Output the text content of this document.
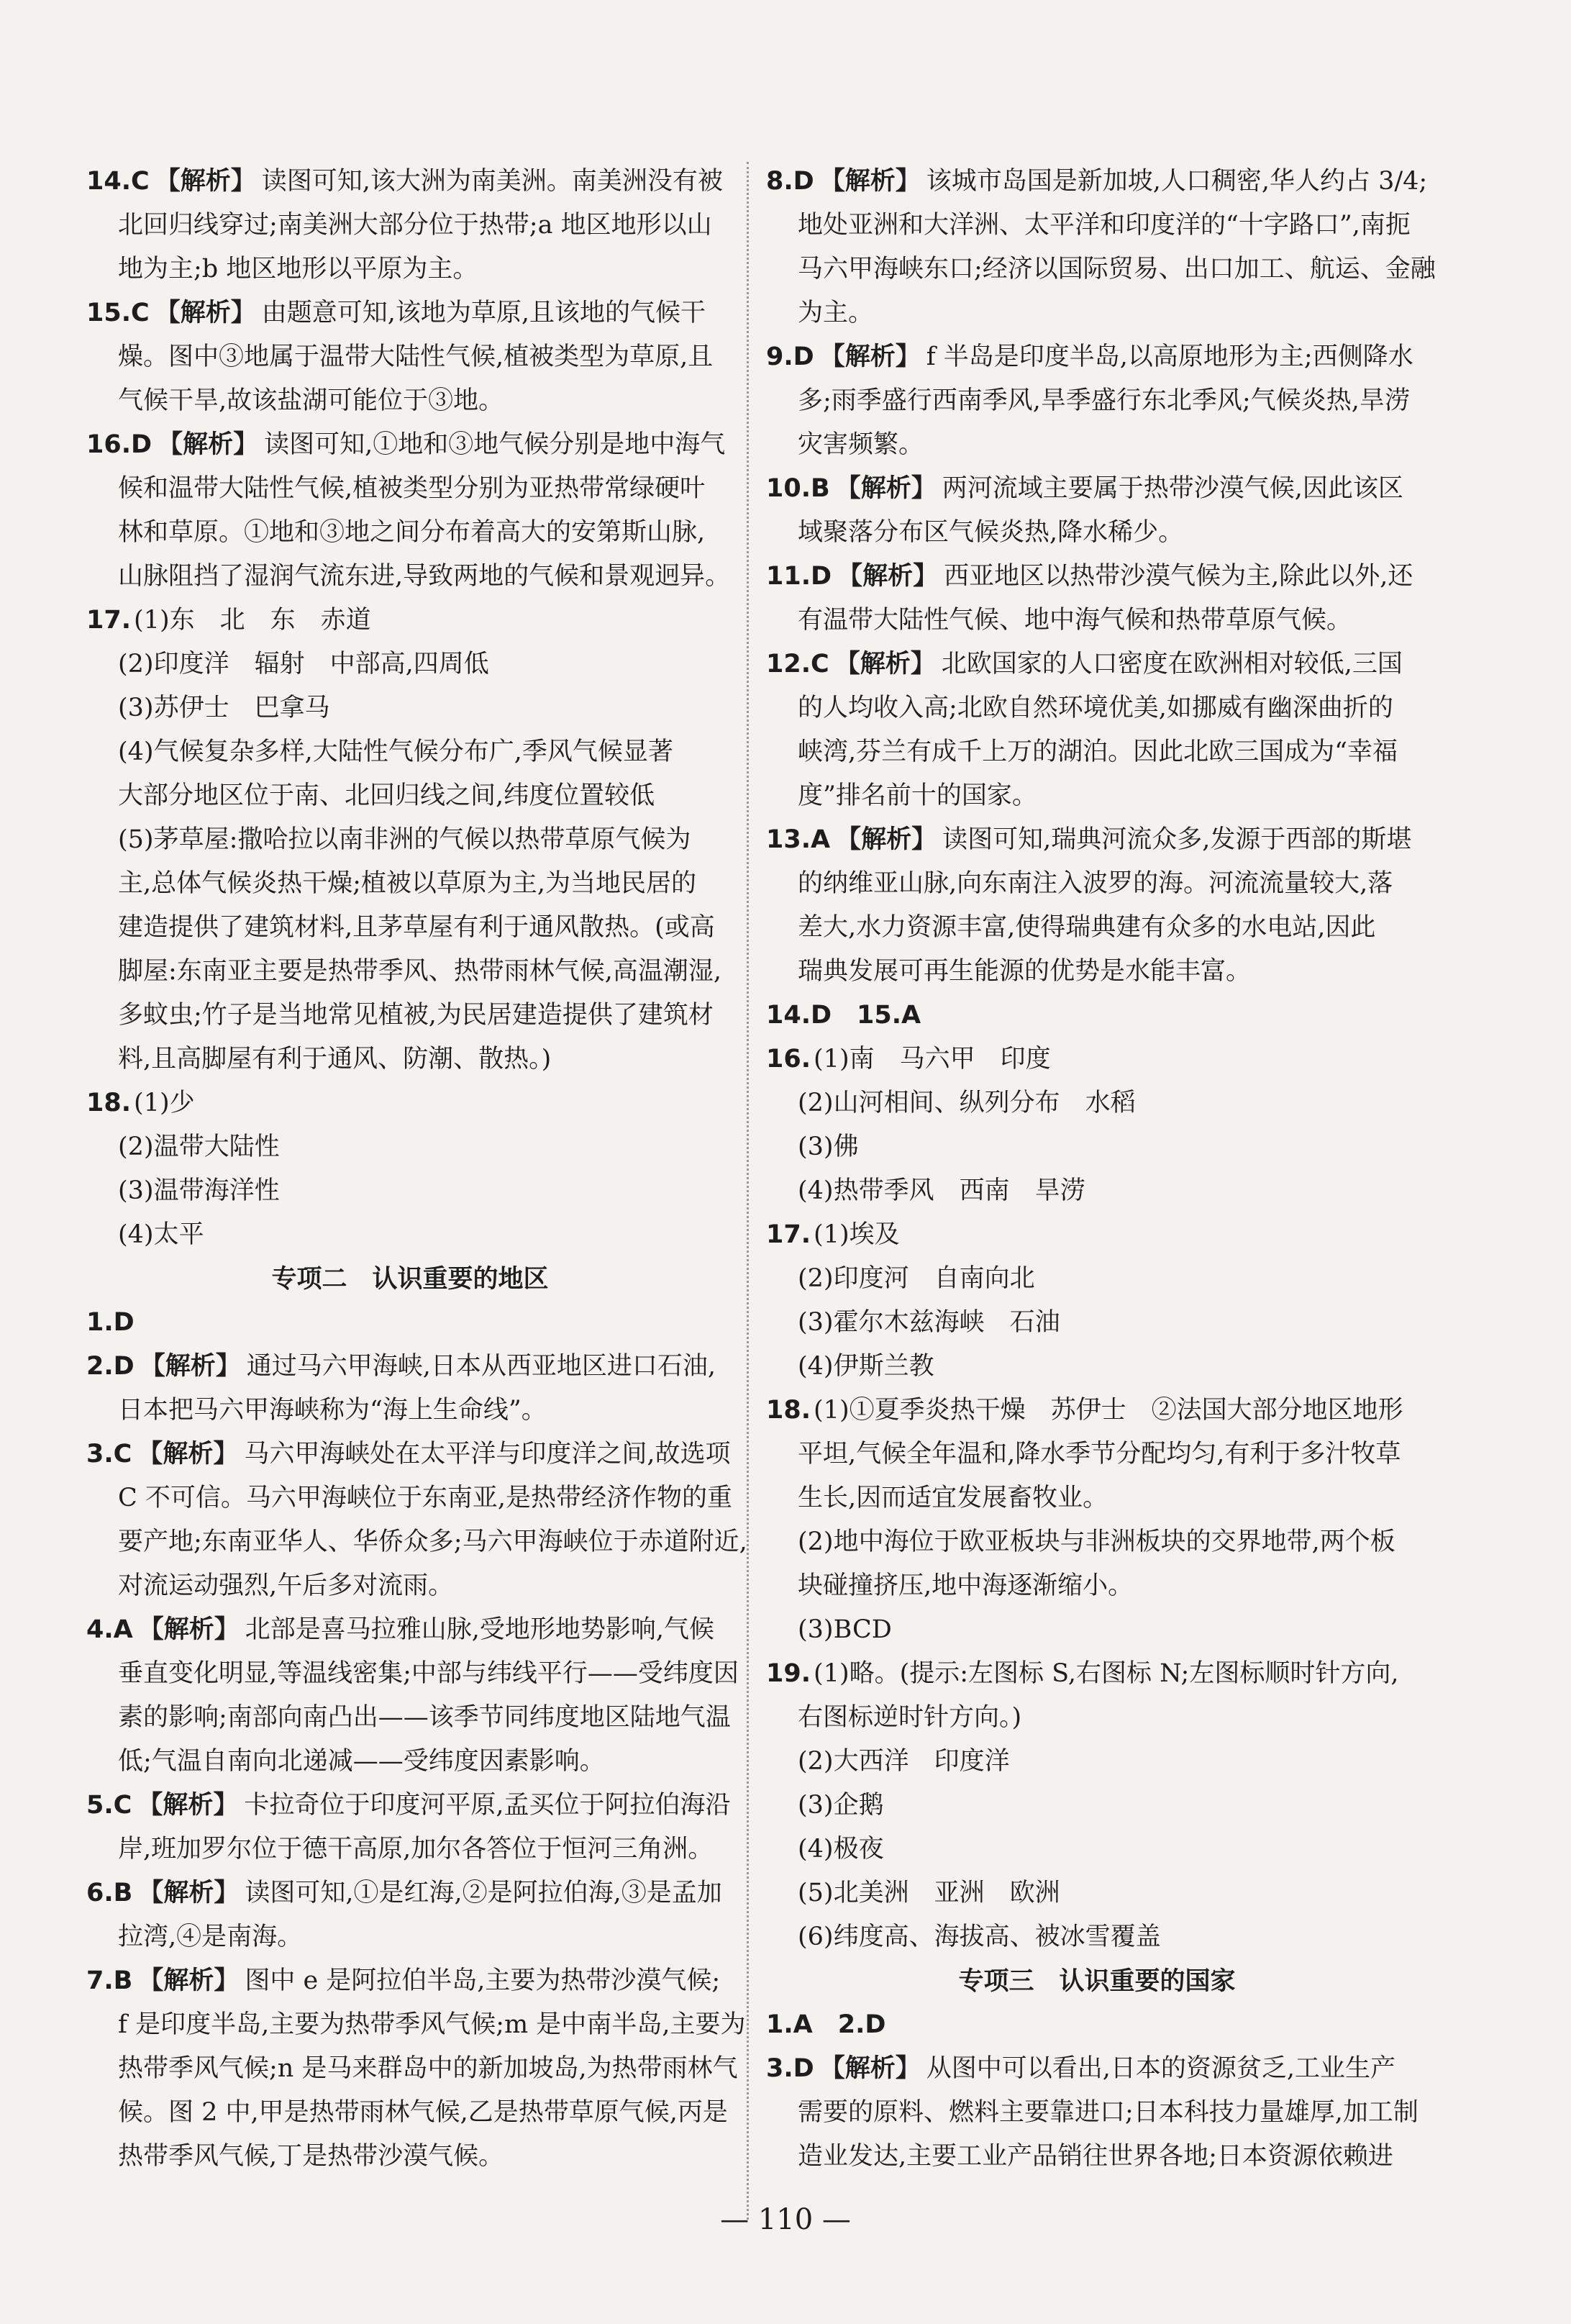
14.C 【解析】 读图可知,该大洲为南美洲。南美洲没有被

北回归线穿过;南美洲大部分位于热带;a 地区地形以山

地为主;b 地区地形以平原为主。

15.C 【解析】 由题意可知,该地为草原,且该地的气候干

燥。图中③地属于温带大陆性气候,植被类型为草原,且

气候干旱,故该盐湖可能位于③地。

16.D 【解析】 读图可知,①地和③地气候分别是地中海气

候和温带大陆性气候,植被类型分别为亚热带常绿硬叶

林和草原。①地和③地之间分布着高大的安第斯山脉,

山脉阻挡了湿润气流东进,导致两地的气候和景观迥异。

17. (1)东　北　东　赤道

(2)印度洋　辐射　中部高,四周低

(3)苏伊士　巴拿马

(4)气候复杂多样,大陆性气候分布广,季风气候显著

大部分地区位于南、北回归线之间,纬度位置较低

(5)茅草屋:撒哈拉以南非洲的气候以热带草原气候为

主,总体气候炎热干燥;植被以草原为主,为当地民居的

建造提供了建筑材料,且茅草屋有利于通风散热。(或高

脚屋:东南亚主要是热带季风、热带雨林气候,高温潮湿,

多蚊虫;竹子是当地常见植被,为民居建造提供了建筑材

料,且高脚屋有利于通风、防潮、散热。)

18. (1)少

(2)温带大陆性

(3)温带海洋性

(4)太平

专项二　认识重要的地区

1.D

2.D 【解析】 通过马六甲海峡,日本从西亚地区进口石油,

日本把马六甲海峡称为“海上生命线”。

3.C 【解析】 马六甲海峡处在太平洋与印度洋之间,故选项

C 不可信。马六甲海峡位于东南亚,是热带经济作物的重

要产地;东南亚华人、华侨众多;马六甲海峡位于赤道附近,

对流运动强烈,午后多对流雨。

4.A 【解析】 北部是喜马拉雅山脉,受地形地势影响,气候

垂直变化明显,等温线密集;中部与纬线平行——受纬度因

素的影响;南部向南凸出——该季节同纬度地区陆地气温

低;气温自南向北递减——受纬度因素影响。

5.C 【解析】 卡拉奇位于印度河平原,孟买位于阿拉伯海沿

岸,班加罗尔位于德干高原,加尔各答位于恒河三角洲。

6.B 【解析】 读图可知,①是红海,②是阿拉伯海,③是孟加

拉湾,④是南海。

7.B 【解析】 图中 e 是阿拉伯半岛,主要为热带沙漠气候;

f 是印度半岛,主要为热带季风气候;m 是中南半岛,主要为

热带季风气候;n 是马来群岛中的新加坡岛,为热带雨林气

候。图 2 中,甲是热带雨林气候,乙是热带草原气候,丙是

热带季风气候,丁是热带沙漠气候。

8.D 【解析】 该城市岛国是新加坡,人口稠密,华人约占 3/4;

地处亚洲和大洋洲、太平洋和印度洋的“十字路口”,南扼

马六甲海峡东口;经济以国际贸易、出口加工、航运、金融

为主。

9.D 【解析】 f 半岛是印度半岛,以高原地形为主;西侧降水

多;雨季盛行西南季风,旱季盛行东北季风;气候炎热,旱涝

灾害频繁。

10.B 【解析】 两河流域主要属于热带沙漠气候,因此该区

域聚落分布区气候炎热,降水稀少。

11.D 【解析】 西亚地区以热带沙漠气候为主,除此以外,还

有温带大陆性气候、地中海气候和热带草原气候。

12.C 【解析】 北欧国家的人口密度在欧洲相对较低,三国

的人均收入高;北欧自然环境优美,如挪威有幽深曲折的

峡湾,芬兰有成千上万的湖泊。因此北欧三国成为“幸福

度”排名前十的国家。

13.A 【解析】 读图可知,瑞典河流众多,发源于西部的斯堪

的纳维亚山脉,向东南注入波罗的海。河流流量较大,落

差大,水力资源丰富,使得瑞典建有众多的水电站,因此

瑞典发展可再生能源的优势是水能丰富。

14.D　15.A

16. (1)南　马六甲　印度

(2)山河相间、纵列分布　水稻

(3)佛

(4)热带季风　西南　旱涝

17. (1)埃及

(2)印度河　自南向北

(3)霍尔木兹海峡　石油

(4)伊斯兰教

18. (1)①夏季炎热干燥　苏伊士　②法国大部分地区地形

平坦,气候全年温和,降水季节分配均匀,有利于多汁牧草

生长,因而适宜发展畜牧业。

(2)地中海位于欧亚板块与非洲板块的交界地带,两个板

块碰撞挤压,地中海逐渐缩小。

(3)BCD

19. (1)略。(提示:左图标 S,右图标 N;左图标顺时针方向,

右图标逆时针方向。)

(2)大西洋　印度洋

(3)企鹅

(4)极夜

(5)北美洲　亚洲　欧洲

(6)纬度高、海拔高、被冰雪覆盖

专项三　认识重要的国家

1.A　2.D

3.D 【解析】 从图中可以看出,日本的资源贫乏,工业生产

需要的原料、燃料主要靠进口;日本科技力量雄厚,加工制

造业发达,主要工业产品销往世界各地;日本资源依赖进

— 110 —
